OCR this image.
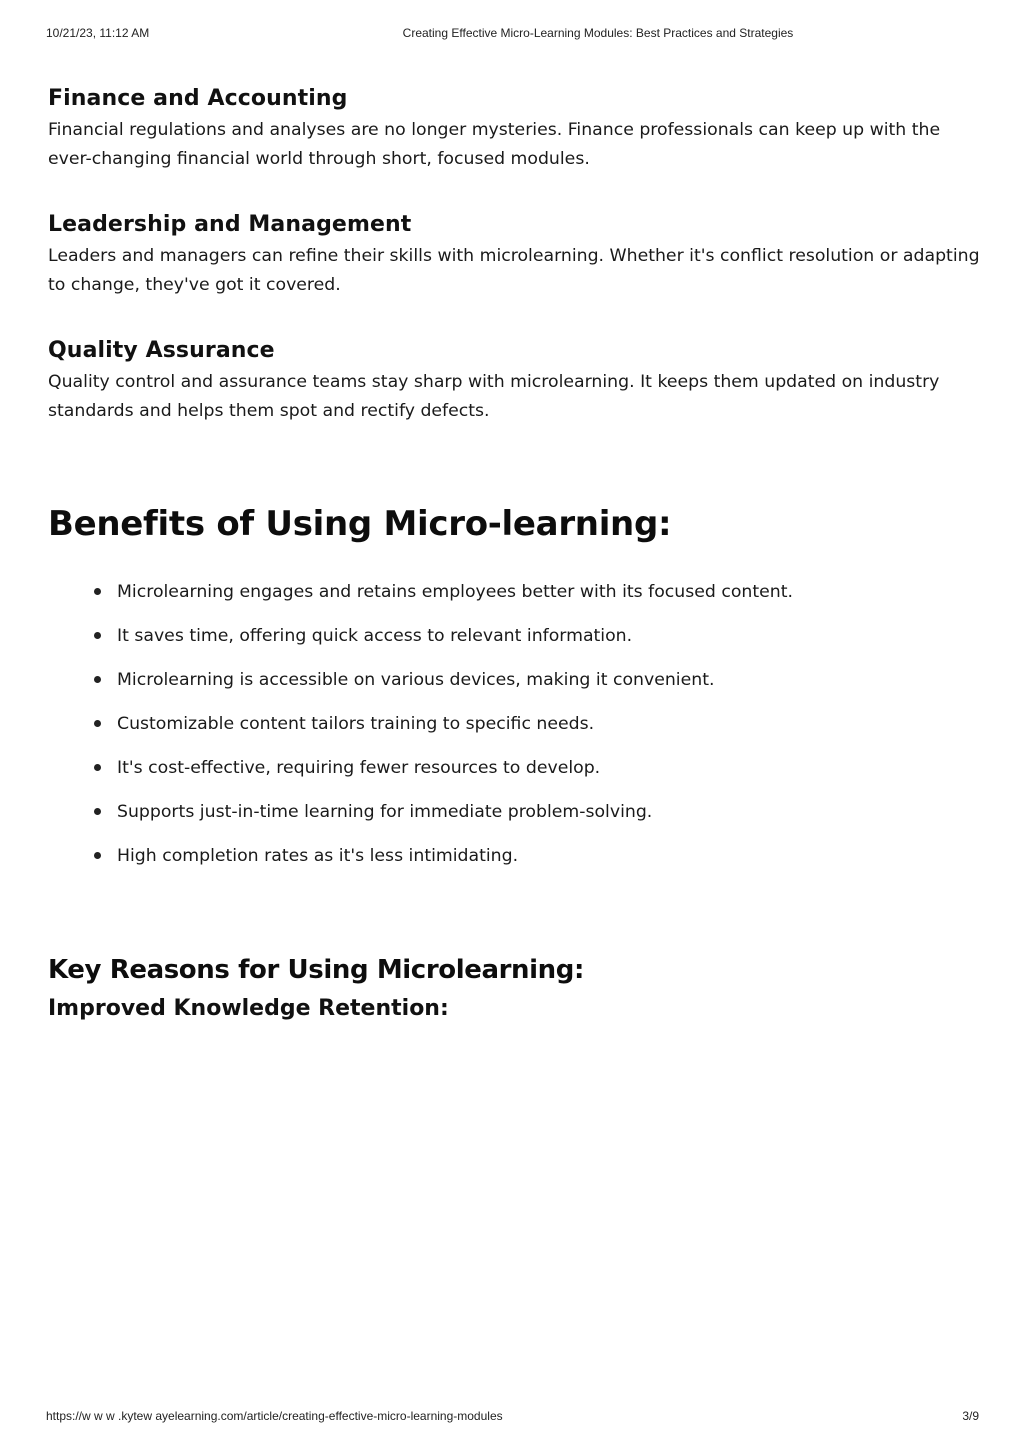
10/21/23, 11:12 AM	Creating Effective Micro-Learning Modules: Best Practices and Strategies
Finance and Accounting

Financial regulations and analyses are no longer mysteries. Finance professionals can keep up with the ever-changing financial world through short, focused modules.

Leadership and Management

Leaders and managers can refine their skills with microlearning. Whether it's conflict resolution or adapting to change, they've got it covered.

Quality Assurance

Quality control and assurance teams stay sharp with microlearning. It keeps them updated on industry standards and helps them spot and rectify defects.

Benefits of Using Micro-learning:
Microlearning engages and retains employees better with its focused content.
It saves time, offering quick access to relevant information.
Microlearning is accessible on various devices, making it convenient.
Customizable content tailors training to specific needs.
It's cost-effective, requiring fewer resources to develop.
Supports just-in-time learning for immediate problem-solving.
High completion rates as it's less intimidating.
Key Reasons for Using Microlearning:
Improved Knowledge Retention:
https://w w w .kytew ayelearning.com/article/creating-effective-micro-learning-modules	3/9
